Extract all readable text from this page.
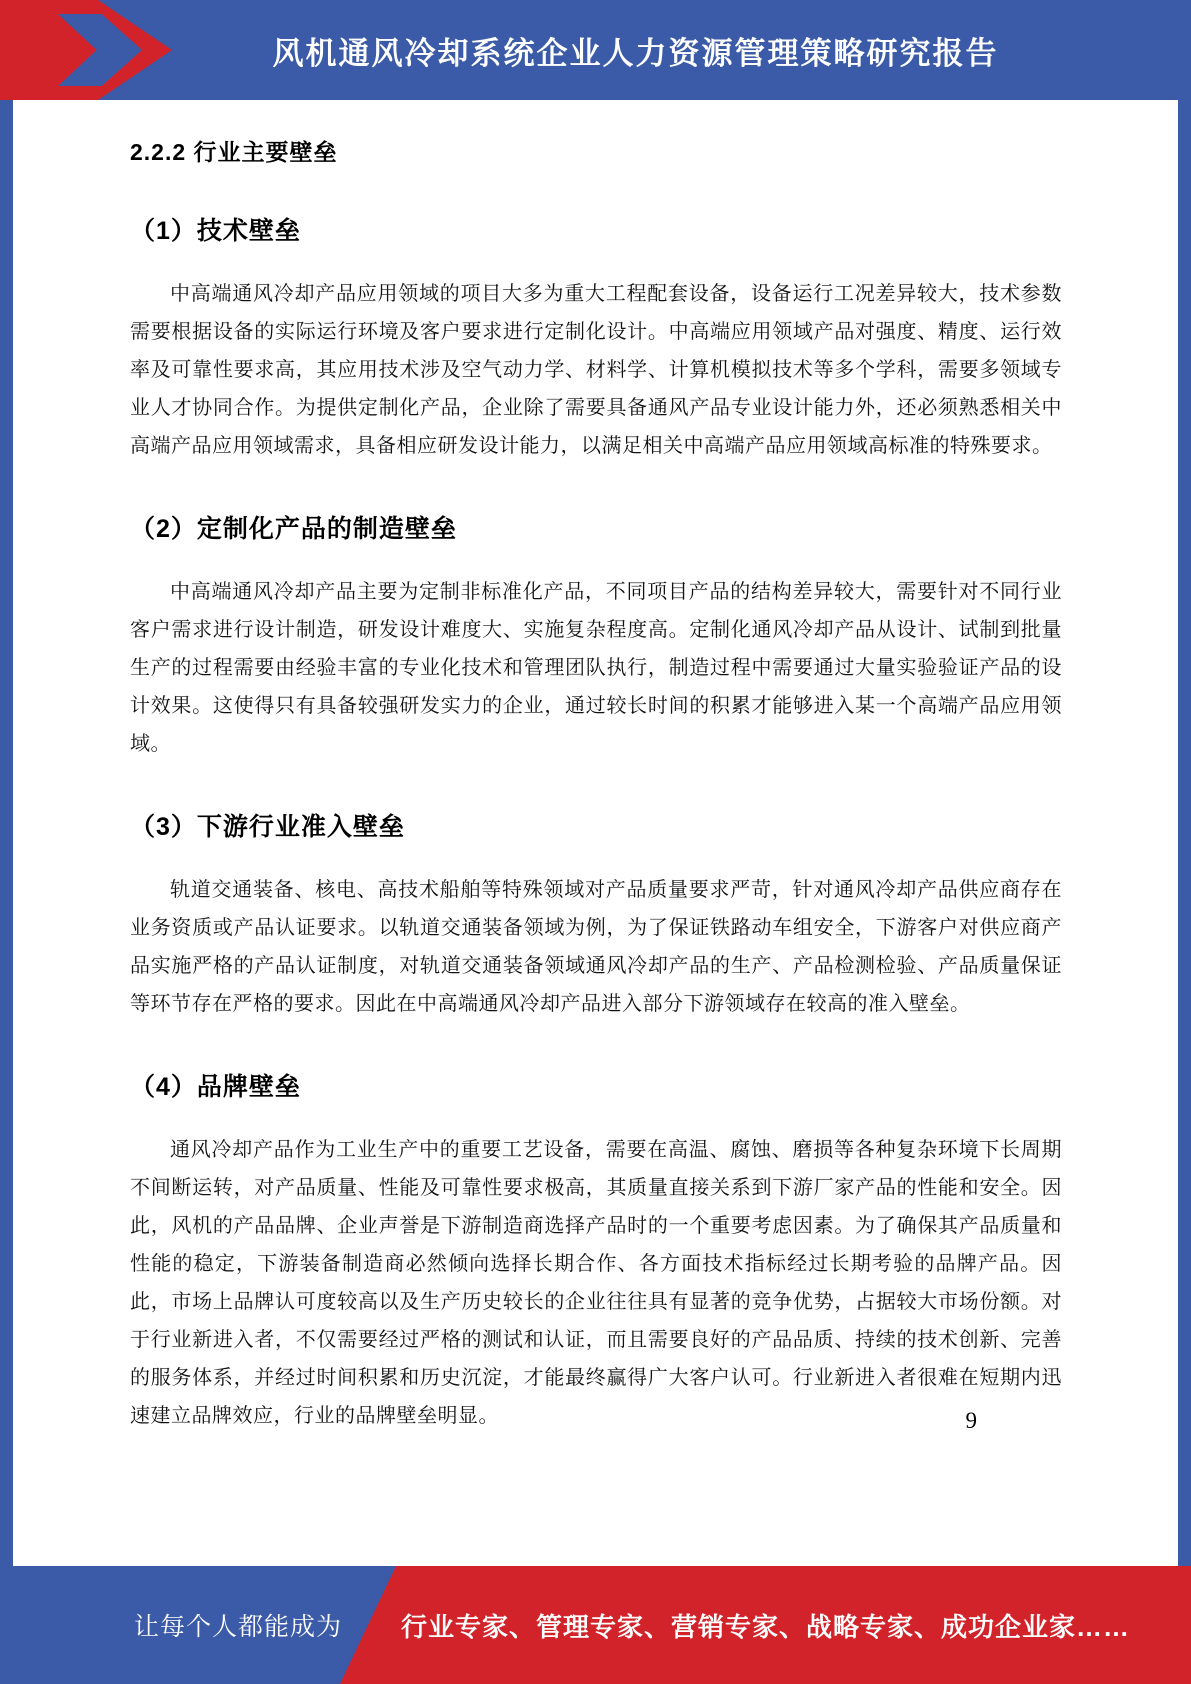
风机通风冷却系统企业人力资源管理策略研究报告
2.2.2 行业主要壁垒
（1）技术壁垒

中高端通风冷却产品应用领域的项目大多为重大工程配套设备，设备运行工况差异较大，技术参数需要根据设备的实际运行环境及客户要求进行定制化设计。中高端应用领域产品对强度、精度、运行效率及可靠性要求高，其应用技术涉及空气动力学、材料学、计算机模拟技术等多个学科，需要多领域专业人才协同合作。为提供定制化产品，企业除了需要具备通风产品专业设计能力外，还必须熟悉相关中高端产品应用领域需求，具备相应研发设计能力，以满足相关中高端产品应用领域高标准的特殊要求。

（2）定制化产品的制造壁垒

中高端通风冷却产品主要为定制非标准化产品，不同项目产品的结构差异较大，需要针对不同行业客户需求进行设计制造，研发设计难度大、实施复杂程度高。定制化通风冷却产品从设计、试制到批量生产的过程需要由经验丰富的专业化技术和管理团队执行，制造过程中需要通过大量实验验证产品的设计效果。这使得只有具备较强研发实力的企业，通过较长时间的积累才能够进入某一个高端产品应用领域。

（3）下游行业准入壁垒

轨道交通装备、核电、高技术船舶等特殊领域对产品质量要求严苛，针对通风冷却产品供应商存在业务资质或产品认证要求。以轨道交通装备领域为例，为了保证铁路动车组安全，下游客户对供应商产品实施严格的产品认证制度，对轨道交通装备领域通风冷却产品的生产、产品检测检验、产品质量保证等环节存在严格的要求。因此在中高端通风冷却产品进入部分下游领域存在较高的准入壁垒。

（4）品牌壁垒

通风冷却产品作为工业生产中的重要工艺设备，需要在高温、腐蚀、磨损等各种复杂环境下长周期不间断运转，对产品质量、性能及可靠性要求极高，其质量直接关系到下游厂家产品的性能和安全。因此，风机的产品品牌、企业声誉是下游制造商选择产品时的一个重要考虑因素。为了确保其产品质量和性能的稳定，下游装备制造商必然倾向选择长期合作、各方面技术指标经过长期考验的品牌产品。因此，市场上品牌认可度较高以及生产历史较长的企业往往具有显著的竞争优势，占据较大市场份额。对于行业新进入者，不仅需要经过严格的测试和认证，而且需要良好的产品品质、持续的技术创新、完善的服务体系，并经过时间积累和历史沉淀，才能最终赢得广大客户认可。行业新进入者很难在短期内迅速建立品牌效应，行业的品牌壁垒明显。	9
让每个人都能成为 行业专家、管理专家、营销专家、战略专家、成功企业家……
